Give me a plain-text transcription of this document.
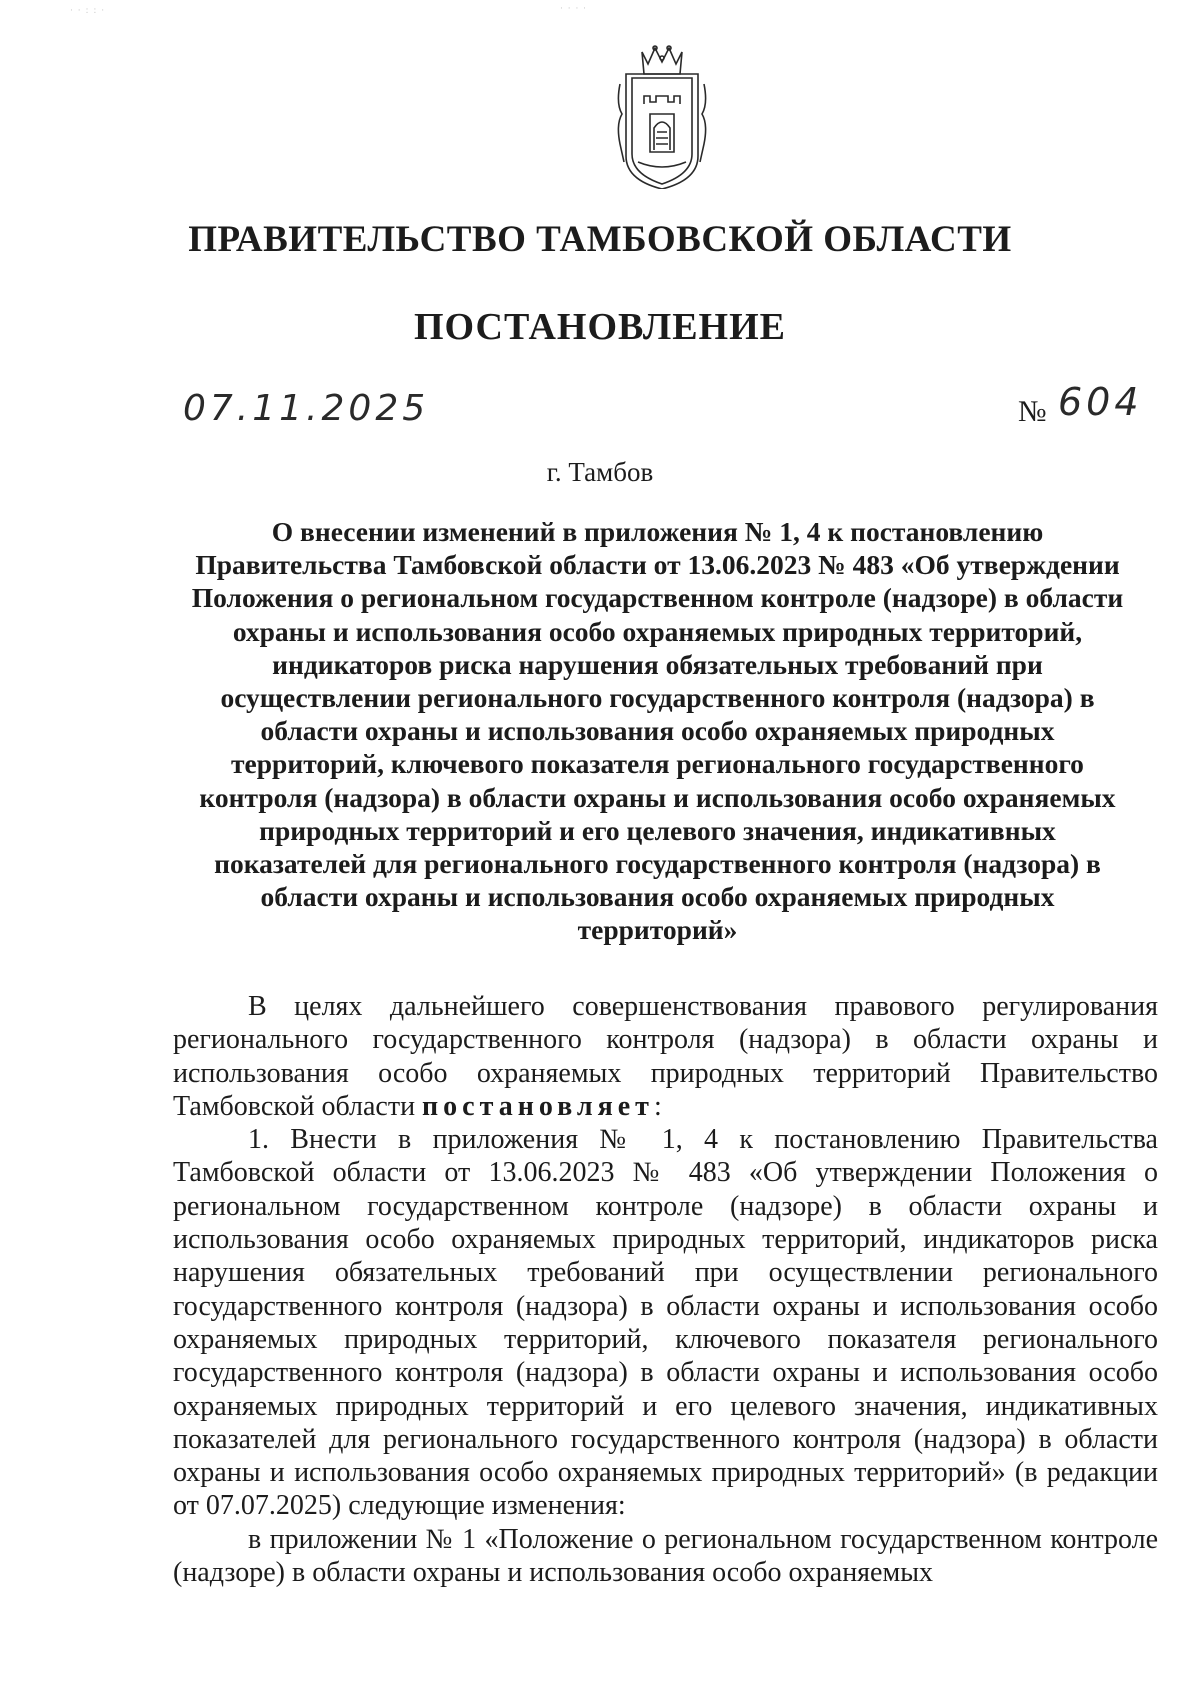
· · : : ·	· · · ·
ПРАВИТЕЛЬСТВО ТАМБОВСКОЙ ОБЛАСТИ
ПОСТАНОВЛЕНИЕ
07.11.2025	№ 604
г. Тамбов
О внесении изменений в приложения № 1, 4 к постановлению
Правительства Тамбовской области от 13.06.2023 № 483 «Об утверждении
Положения о региональном государственном контроле (надзоре) в области
охраны и использования особо охраняемых природных территорий,
индикаторов риска нарушения обязательных требований при
осуществлении регионального государственного контроля (надзора) в
области охраны и использования особо охраняемых природных
территорий, ключевого показателя регионального государственного
контроля (надзора) в области охраны и использования особо охраняемых
природных территорий и его целевого значения, индикативных
показателей для регионального государственного контроля (надзора) в
области охраны и использования особо охраняемых природных
территорий»

В целях дальнейшего совершенствования правового регулирования регионального государственного контроля (надзора) в области охраны и использования особо охраняемых природных территорий Правительство Тамбовской области постановляет:

1. Внести в приложения № 1, 4 к постановлению Правительства Тамбовской области от 13.06.2023 № 483 «Об утверждении Положения о региональном государственном контроле (надзоре) в области охраны и использования особо охраняемых природных территорий, индикаторов риска нарушения обязательных требований при осуществлении регионального государственного контроля (надзора) в области охраны и использования особо охраняемых природных территорий, ключевого показателя регионального государственного контроля (надзора) в области охраны и использования особо охраняемых природных территорий и его целевого значения, индикативных показателей для регионального государственного контроля (надзора) в области охраны и использования особо охраняемых природных территорий» (в редакции от 07.07.2025) следующие изменения:

в приложении № 1 «Положение о региональном государственном контроле (надзоре) в области охраны и использования особо охраняемых
